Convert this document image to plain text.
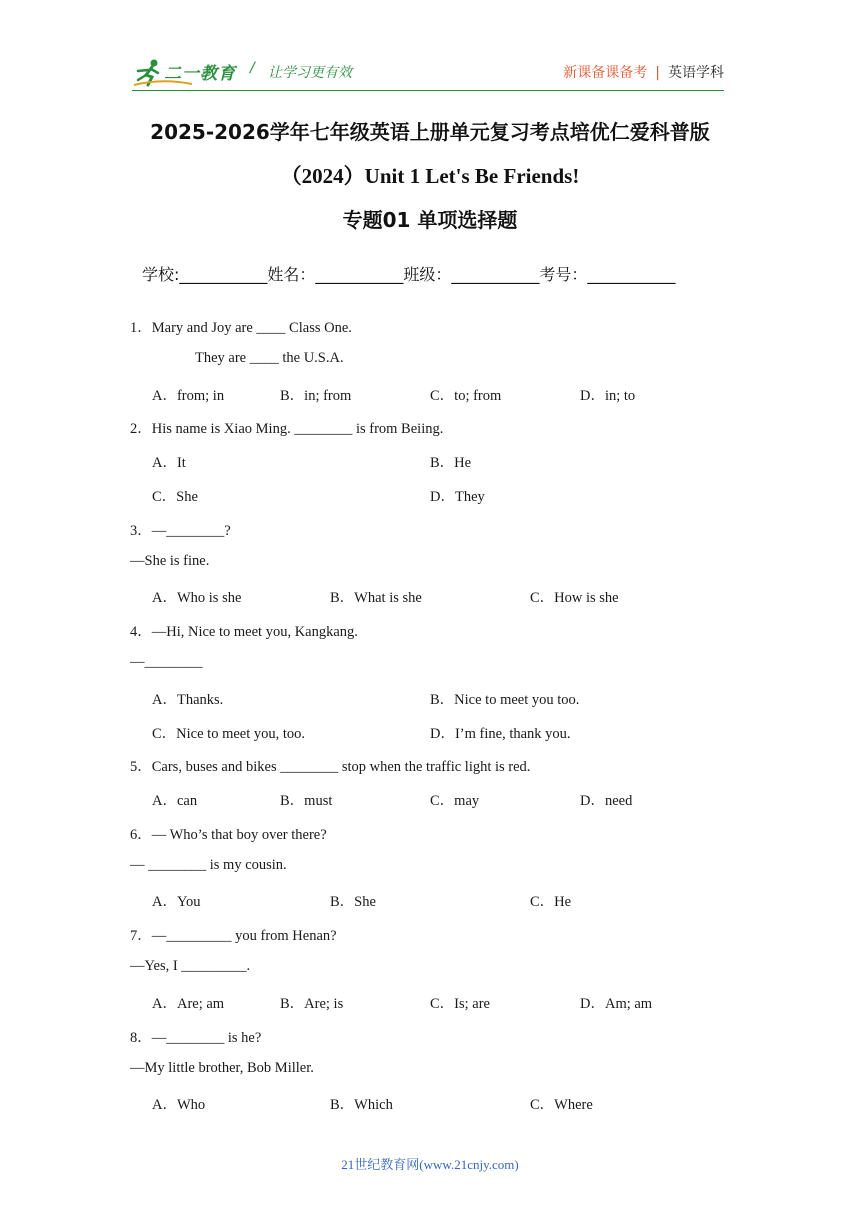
二一教育 / 让学习更有效	新课备课备考 | 英语学科
2025-2026学年七年级英语上册单元复习考点培优仁爱科普版
（2024）Unit 1 Let's Be Friends!
专题01 单项选择题
学校:___________姓名：___________班级：___________考号：___________
1．Mary and Joy are ____ Class One.
They are ____ the U.S.A.
A．from; in	B．in; from	C．to; from	D．in; to
2．His name is Xiao Ming. ________ is from Beiing.
A．It	B．He
C．She	D．They
3．—________?
—She is fine.
A．Who is she	B．What is she	C．How is she
4．—Hi, Nice to meet you, Kangkang.
—________
A．Thanks.	B．Nice to meet you too.
C．Nice to meet you, too.	D．I’m fine, thank you.
5．Cars, buses and bikes ________ stop when the traffic light is red.
A．can	B．must	C．may	D．need
6．— Who’s that boy over there?
— ________ is my cousin.
A．You	B．She	C．He
7．—_________ you from Henan?
—Yes, I _________.
A．Are; am	B．Are; is	C．Is; are	D．Am; am
8．—________ is he?
—My little brother, Bob Miller.
A．Who	B．Which	C．Where
21世纪教育网(www.21cnjy.com)
